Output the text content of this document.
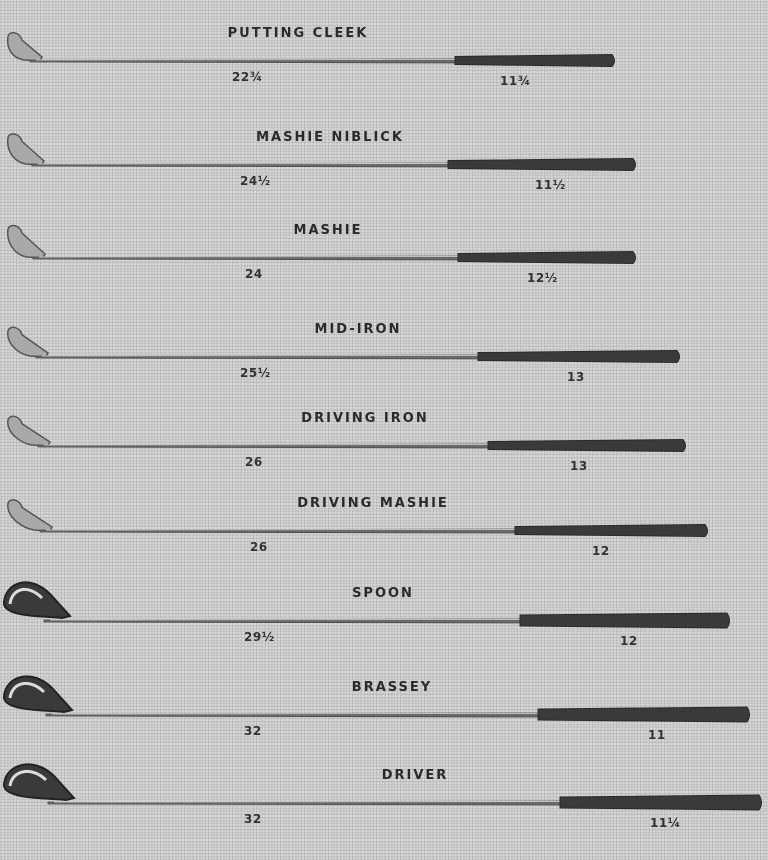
PUTTING CLEEK
22¾	11¾
MASHIE NIBLICK
24½	11½
MASHIE
24	12½
MID-IRON
25½	13
DRIVING IRON
26	13
DRIVING MASHIE
26	12
SPOON
29½	12
BRASSEY
32	11
DRIVER
32	11¼
